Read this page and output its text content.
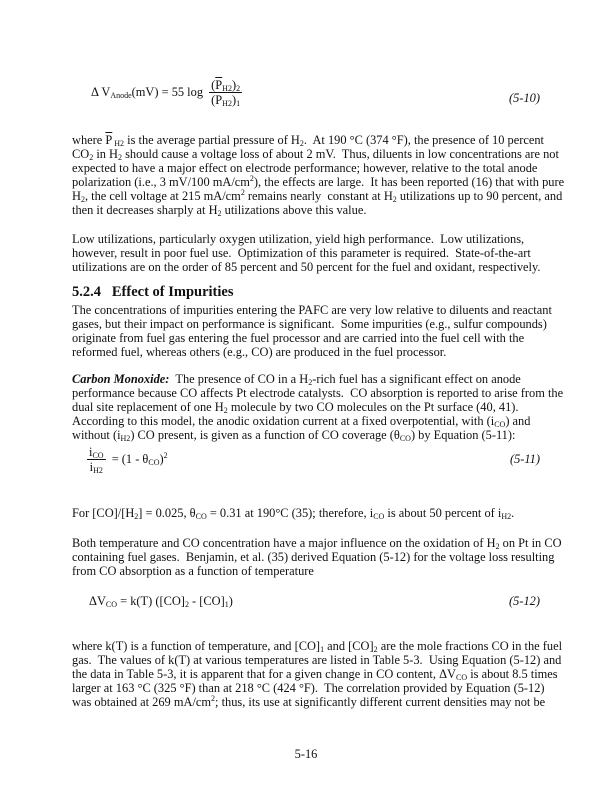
Δ $V_{Anode}(mV) = 55$ $\log \frac{(\overline{P}_{H2})_2}{(\overline{P}_{H2})_1}$	(5-10)
where $\overline{P}$ $_{H2}$ is the average partial pressure of $H_2$.  At 190 °C (374 °F), the presence of 10 percent
$CO_2$ in $H_2$ should cause a voltage loss of about 2 mV.  Thus, diluents in low concentrations are not
expected to have a major effect on electrode performance; however, relative to the total anode
polarization (i.e., 3 mV/100 $mA/cm^2$), the effects are large.  It has been reported (16) that with pure
$H_2$, the cell voltage at 215 $mA/cm^2$ remains nearly  constant at $H_2$ utilizations up to 90 percent, and
then it decreases sharply at $H_2$ utilizations above this value.
Low utilizations, particularly oxygen utilization, yield high performance.  Low utilizations,
however, result in poor fuel use.  Optimization of this parameter is required.  State-of-the-art
utilizations are on the order of 85 percent and 50 percent for the fuel and oxidant, respectively.
5.2.4   Effect of Impurities
The concentrations of impurities entering the PAFC are very low relative to diluents and reactant
gases, but their impact on performance is significant.  Some impurities (e.g., sulfur compounds)
originate from fuel gas entering the fuel processor and are carried into the fuel cell with the
reformed fuel, whereas others (e.g., CO) are produced in the fuel processor.
Carbon Monoxide:  The presence of CO in a $H_2$-rich fuel has a significant effect on anode
performance because CO affects Pt electrode catalysts.  CO absorption is reported to arise from the
dual site replacement of one $H_2$ molecule by two CO molecules on the Pt surface (40, 41).
According to this model, the anodic oxidation current at a fixed overpotential, with $(i_{CO})$ and
without $(i_{H2})$ CO present, is given as a function of CO coverage $(\theta_{CO})$ by Equation (5-11):
$\frac{i_{CO}}{i_{H2}} = (1 - \theta_{CO})^2$	(5-11)
For $[CO]/[H_2] = 0.025$, $\theta_{CO} = 0.31$ at 190°C (35); therefore, $i_{CO}$ is about 50 percent of $i_{H2}$.
Both temperature and CO concentration have a major influence on the oxidation of $H_2$ on Pt in CO
containing fuel gases.  Benjamin, et al. (35) derived Equation (5-12) for the voltage loss resulting
from CO absorption as a function of temperature
$\Delta V_{CO} = k(T)$ $([CO]_2 - [CO]_1)$	(5-12)
where k(T) is a function of temperature, and $[CO]_1$ and $[CO]_2$ are the mole fractions CO in the fuel
gas.  The values of k(T) at various temperatures are listed in Table 5-3.  Using Equation (5-12) and
the data in Table 5-3, it is apparent that for a given change in CO content, $\Delta V_{CO}$ is about 8.5 times
larger at 163 °C (325 °F) than at 218 °C (424 °F).  The correlation provided by Equation (5-12)
was obtained at 269 $mA/cm^2$; thus, its use at significantly different current densities may not be
5-16
